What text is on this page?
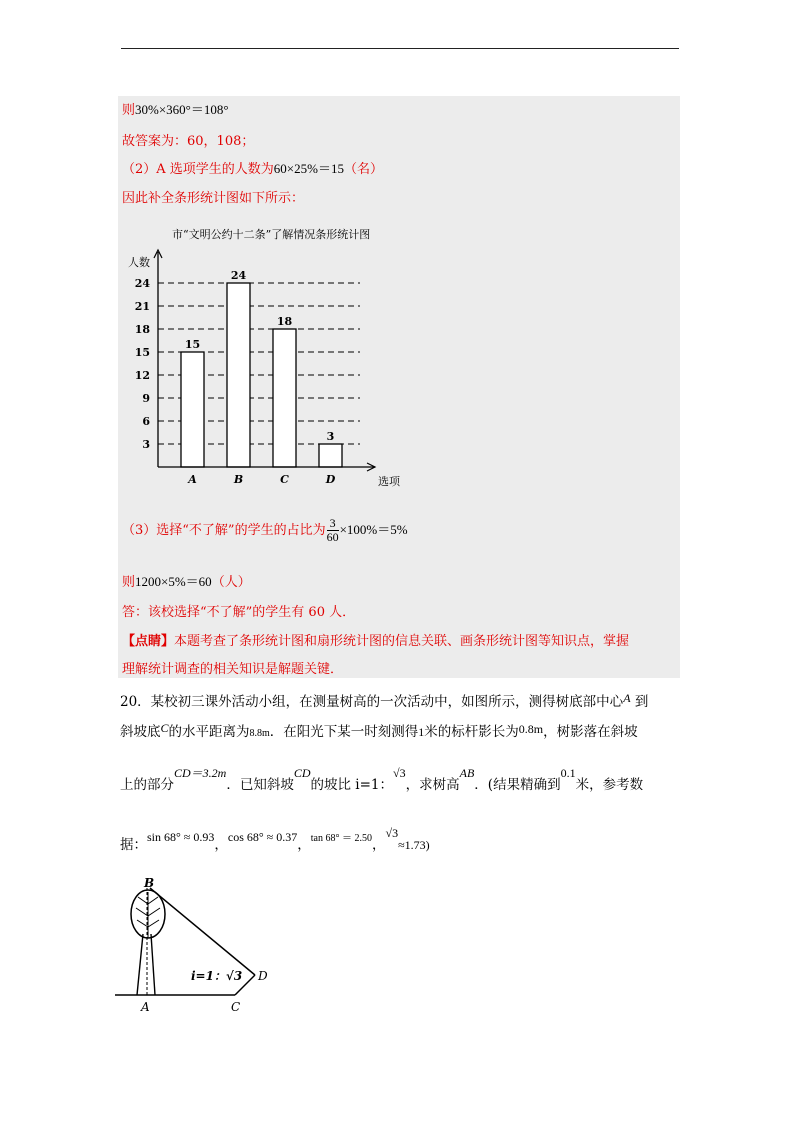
则30%×360°＝108°
故答案为：60，108；
（2）A 选项学生的人数为60×25%＝15（名）
因此补全条形统计图如下所示：
市“文明公约十二条”了解情况条形统计图
人数
选项
15
A
24
B
18
C
3
D
3
6
9
12
15
18
21
24
（3）选择“不了解”的学生的占比为 $\frac{3}{60} \times 100\%=5\%$
则1200×5%＝60（人）
答：该校选择“不了解”的学生有 60 人．
【点睛】本题考查了条形统计图和扇形统计图的信息关联、画条形统计图等知识点，掌握
理解统计调查的相关知识是解题关键．
20．某校初三课外活动小组，在测量树高的一次活动中，如图所示，测得树底部中心A 到
斜坡底C的水平距离为8.8m．在阳光下某一时刻测得1米的标杆影长为0.8m，树影落在斜坡
上的部分CD＝3.2m．已知斜坡CD的坡比 i=1：√3，求树高AB．(结果精确到0.1米，参考数
据：sin 68° ≈ 0.93，cos 68° ≈ 0.37，$^{tan 68^\circ = 2.50}$，√3≈1.73)
B
A	C
D
i=1：√3
